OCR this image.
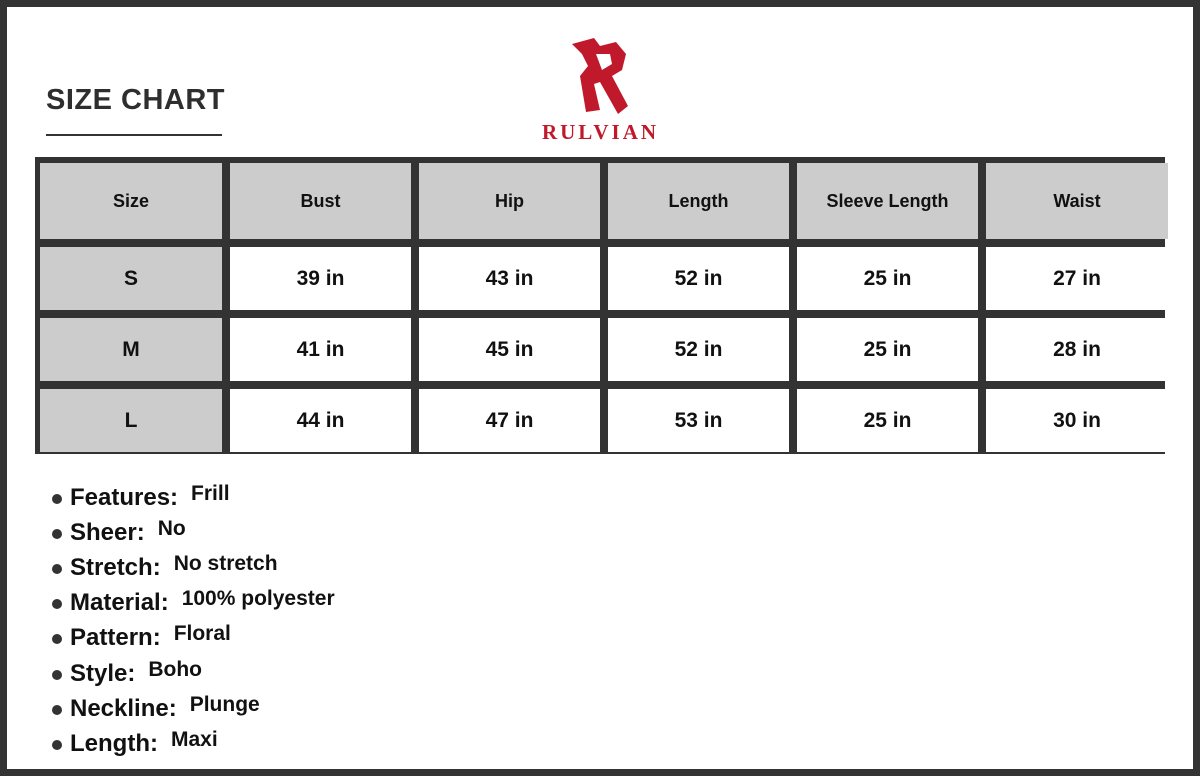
SIZE CHART
RULVIAN
Size	Bust	Hip	Length	Sleeve Length	Waist
S	39 in	43 in	52 in	25 in	27 in
M	41 in	45 in	52 in	25 in	28 in
L	44 in	47 in	53 in	25 in	30 in
Features: Frill
Sheer: No
Stretch: No stretch
Material: 100% polyester
Pattern: Floral
Style: Boho
Neckline: Plunge
Length: Maxi
